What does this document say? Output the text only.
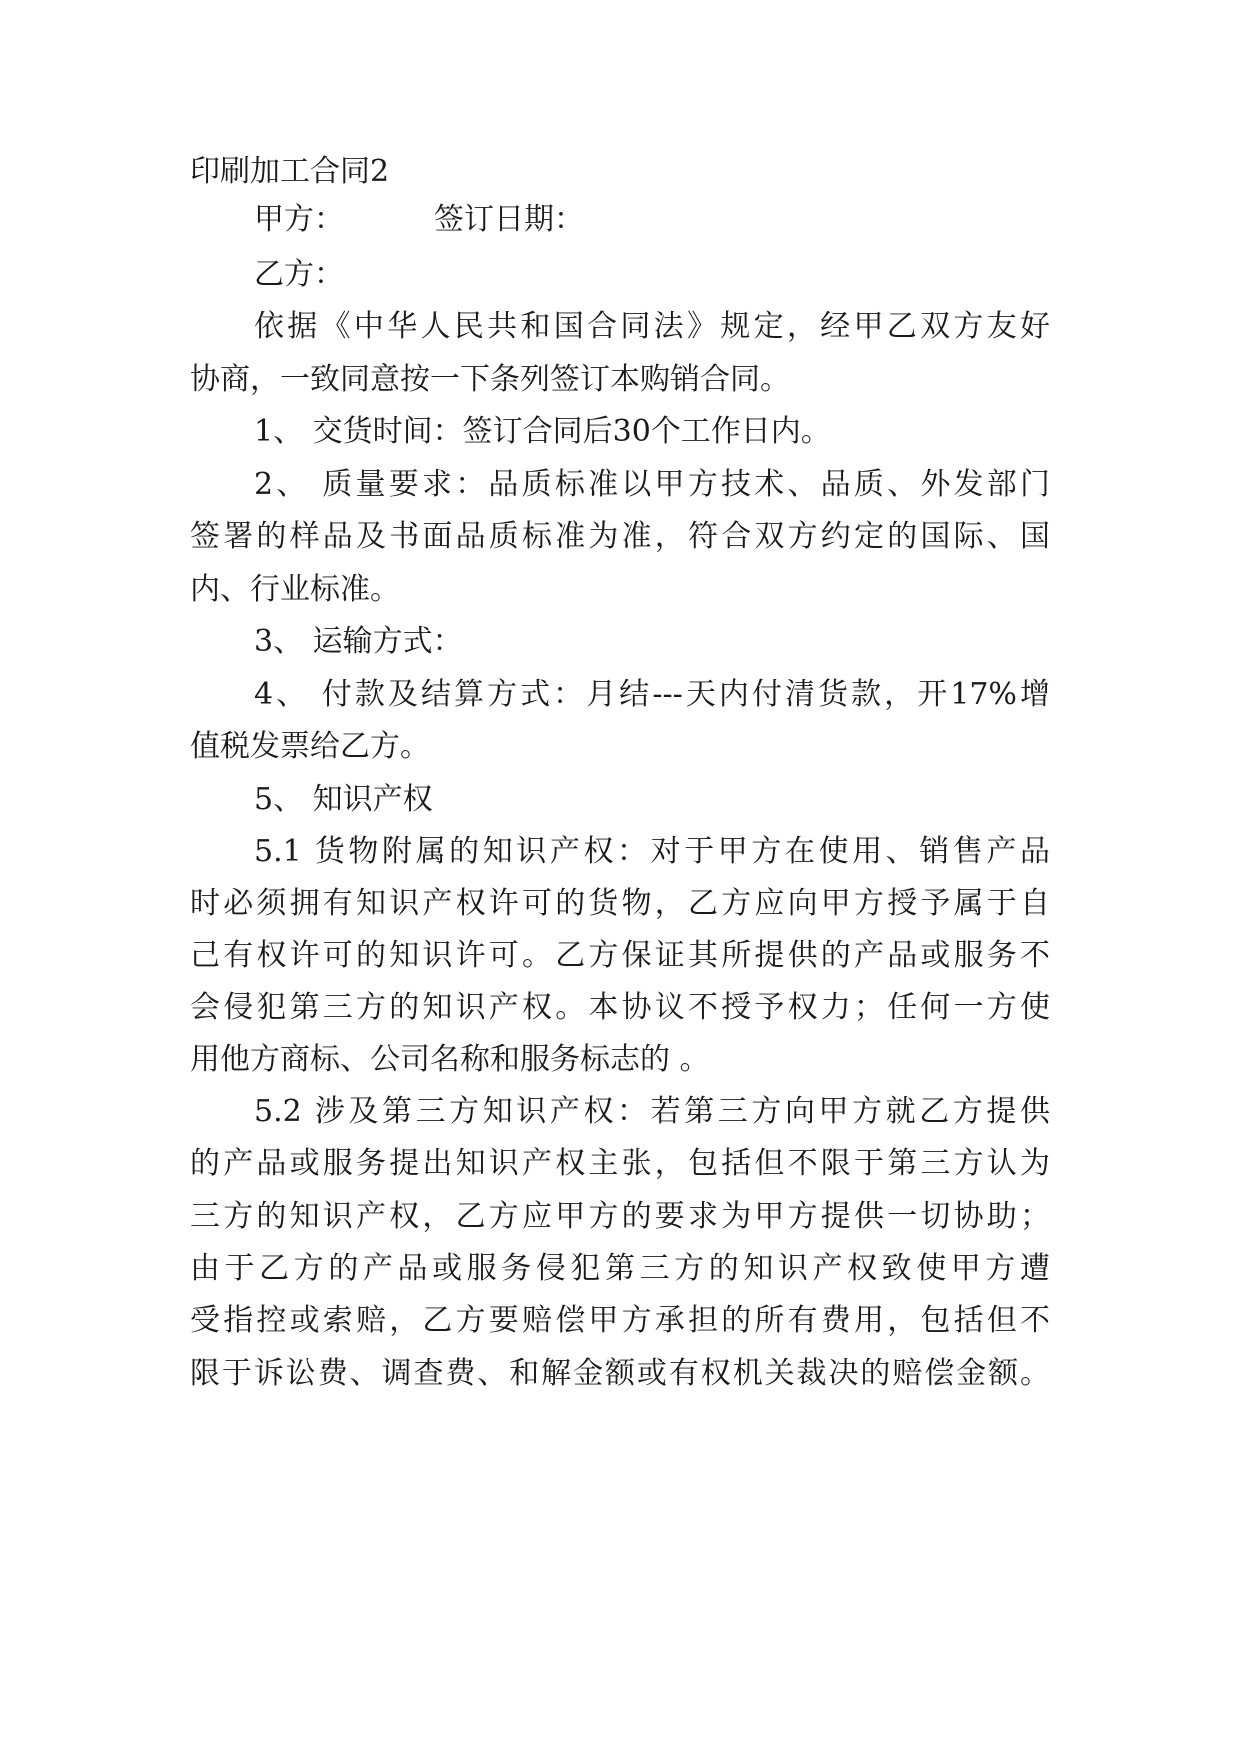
印刷加工合同2
甲方：	签订日期：
乙方：
依据《中华人民共和国合同法》规定，经甲乙双方友好
协商，一致同意按一下条列签订本购销合同。
1、 交货时间：签订合同后30个工作日内。
2、 质量要求：品质标准以甲方技术、品质、外发部门
签署的样品及书面品质标准为准，符合双方约定的国际、国
内、行业标准。
3、 运输方式：
4、 付款及结算方式：月结---天内付清货款，开17%增
值税发票给乙方。
5、 知识产权
5.1 货物附属的知识产权：对于甲方在使用、销售产品
时必须拥有知识产权许可的货物，乙方应向甲方授予属于自
己有权许可的知识许可。乙方保证其所提供的产品或服务不
会侵犯第三方的知识产权。本协议不授予权力；任何一方使
用他方商标、公司名称和服务标志的 。
5.2 涉及第三方知识产权：若第三方向甲方就乙方提供
的产品或服务提出知识产权主张，包括但不限于第三方认为
三方的知识产权，乙方应甲方的要求为甲方提供一切协助；
由于乙方的产品或服务侵犯第三方的知识产权致使甲方遭
受指控或索赔，乙方要赔偿甲方承担的所有费用，包括但不
限于诉讼费、调查费、和解金额或有权机关裁决的赔偿金额。
